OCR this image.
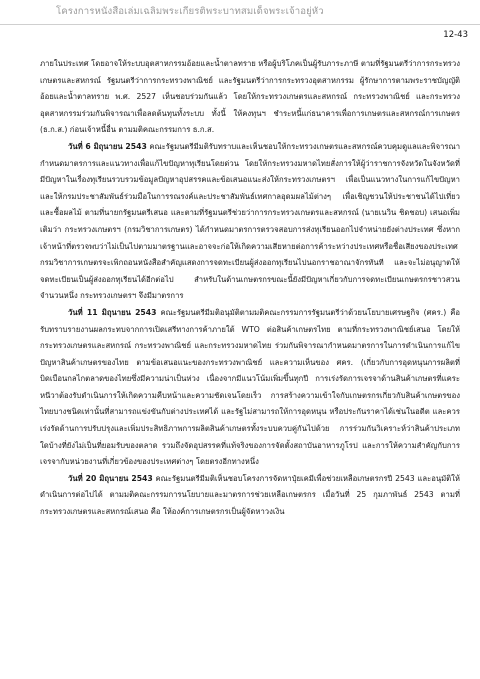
โครงการหนังสือเล่มเฉลิมพระเกียรติพระบาทสมเด็จพระเจ้าอยู่หัว
12-43

ภายในประเทศ โดยอาจให้ระบบอุตสาหกรรมอ้อยและน้ำตาลทราย หรือผู้บริโภคเป็นผู้รับภาระภาษี ตามที่รัฐมนตรีว่าการกระทรวงเกษตรและสหกรณ์ รัฐมนตรีว่าการกระทรวงพาณิชย์ และรัฐมนตรีว่าการกระทรวงอุตสาหกรรม ผู้รักษาการตามพระราชบัญญัติอ้อยและน้ำตาลทราย พ.ศ. 2527 เห็นชอบร่วมกันแล้ว โดยให้กระทรวงเกษตรและสหกรณ์ กระทรวงพาณิชย์ และกระทรวงอุตสาหกรรมร่วมกันพิจารณาเพื่อลดต้นทุนทั้งระบบ ทั้งนี้ ให้คงทุนฯ ชำระหนี้แก่ธนาคารเพื่อการเกษตรและสหกรณ์การเกษตร (ธ.ก.ส.) ก่อนเจ้าหนี้อื่น ตามมติคณะกรรมการ ธ.ก.ส.

วันที่ 6 มิถุนายน 2543 คณะรัฐมนตรีมีมติรับทราบและเห็นชอบให้กระทรวงเกษตรและสหกรณ์ควบคุมดูแลและพิจารณากำหนดมาตรการและแนวทางเพื่อแก้ไขปัญหาทุเรียนโดยด่วน โดยให้กระทรวงมหาดไทยสั่งการให้ผู้ว่าราชการจังหวัดในจังหวัดที่มีปัญหาในเรื่องทุเรียนรวบรวมข้อมูลปัญหาอุปสรรคและข้อเสนอแนะส่งให้กระทรวงเกษตรฯ เพื่อเป็นแนวทางในการแก้ไขปัญหา และให้กรมประชาสัมพันธ์ร่วมมือในการรณรงค์และประชาสัมพันธ์เทศกาลอุดมผลไม้ต่างๆ เพื่อเชิญชวนให้ประชาชนได้ไปเที่ยวและซื้อผลไม้ ตามที่นายกรัฐมนตรีเสนอ และตามที่รัฐมนตรีช่วยว่าการกระทรวงเกษตรและสหกรณ์ (นายเนวิน ชิดชอบ) เสนอเพิ่มเติมว่า กระทรวงเกษตรฯ (กรมวิชาการเกษตร) ได้กำหนดมาตรการตรวจสอบการส่งทุเรียนออกไปจำหน่ายยังต่างประเทศ ซึ่งหากเจ้าหน้าที่ตรวจพบว่าไม่เป็นไปตามมาตรฐานและอาจจะก่อให้เกิดความเสียหายต่อการค้าระหว่างประเทศหรือชื่อเสียงของประเทศ กรมวิชาการเกษตรจะเพิกถอนหนังสือสำคัญแสดงการจดทะเบียนผู้ส่งออกทุเรียนไปนอกราชอาณาจักรทันที และจะไม่อนุญาตให้จดทะเบียนเป็นผู้ส่งออกทุเรียนได้อีกต่อไป สำหรับในด้านเกษตรกรขณะนี้ยังมีปัญหาเกี่ยวกับการจดทะเบียนเกษตรกรชาวสวนจำนวนหนึ่ง กระทรวงเกษตรฯ จึงมีมาตรการ

วันที่ 11 มิถุนายน 2543 คณะรัฐมนตรีมีมติอนุมัติตามมติคณะกรรมการรัฐมนตรีว่าด้วยนโยบายเศรษฐกิจ (ศคร.) คือ รับทราบรายงานผลกระทบจากการเปิดเสรีทางการค้าภายใต้ WTO ต่อสินค้าเกษตรไทย ตามที่กระทรวงพาณิชย์เสนอ โดยให้กระทรวงเกษตรและสหกรณ์ กระทรวงพาณิชย์ และกระทรวงมหาดไทย ร่วมกันพิจารณากำหนดมาตรการในการดำเนินการแก้ไขปัญหาสินค้าเกษตรของไทย ตามข้อเสนอแนะของกระทรวงพาณิชย์ และความเห็นของ ศคร. (เกี่ยวกับการอุดหนุนการผลิตที่บิดเบือนกลไกตลาดของไทยซึ่งมีความน่าเป็นห่วง เนื่องจากมีแนวโน้มเพิ่มขึ้นทุกปี การเร่งรัดการเจรจาด้านสินค้าเกษตรที่แคระหนีวาต้องรับดำเนินการให้เกิดความคืบหน้าและความชัดเจนโดยเร็ว การสร้างความเข้าใจกับเกษตรกรเกี่ยวกับสินค้าเกษตรของไทยบางชนิดเท่านั้นที่สามารถแข่งขันกับต่างประเทศได้ และรัฐไม่สามารถให้การอุดหนุน หรือประกันราคาได้เช่นในอดีต และควรเร่งรัดด้านการปรับปรุงและเพิ่มประสิทธิภาพการผลิตสินค้าเกษตรทั้งระบบควบคู่กันไปด้วย การร่วมกันวิเคราะห์ว่าสินค้าประเภทใดบ้างที่ยังไม่เป็นที่ยอมรับของตลาด รวมถึงจัดอุปสรรคที่แท้จริงของการจัดตั้งสถาบันอาหารภูโรป และการให้ความสำคัญกับการเจรจากับหน่วยงานที่เกี่ยวข้องของประเทศต่างๆ โดยตรงอีกทางหนึ่ง

วันที่ 20 มิถุนายน 2543 คณะรัฐมนตรีมีมติเห็นชอบโครงการจัดหาปุ๋ยเคมีเพื่อช่วยเหลือเกษตรกรปี 2543 และอนุมัติให้ดำเนินการต่อไปได้ ตามมติคณะกรรมการนโยบายและมาตรการช่วยเหลือเกษตรกร เมื่อวันที่ 25 กุมภาพันธ์ 2543 ตามที่กระทรวงเกษตรและสหกรณ์เสนอ คือ ให้องค์การเกษตรกรเป็นผู้จัดหาวงเงิน
